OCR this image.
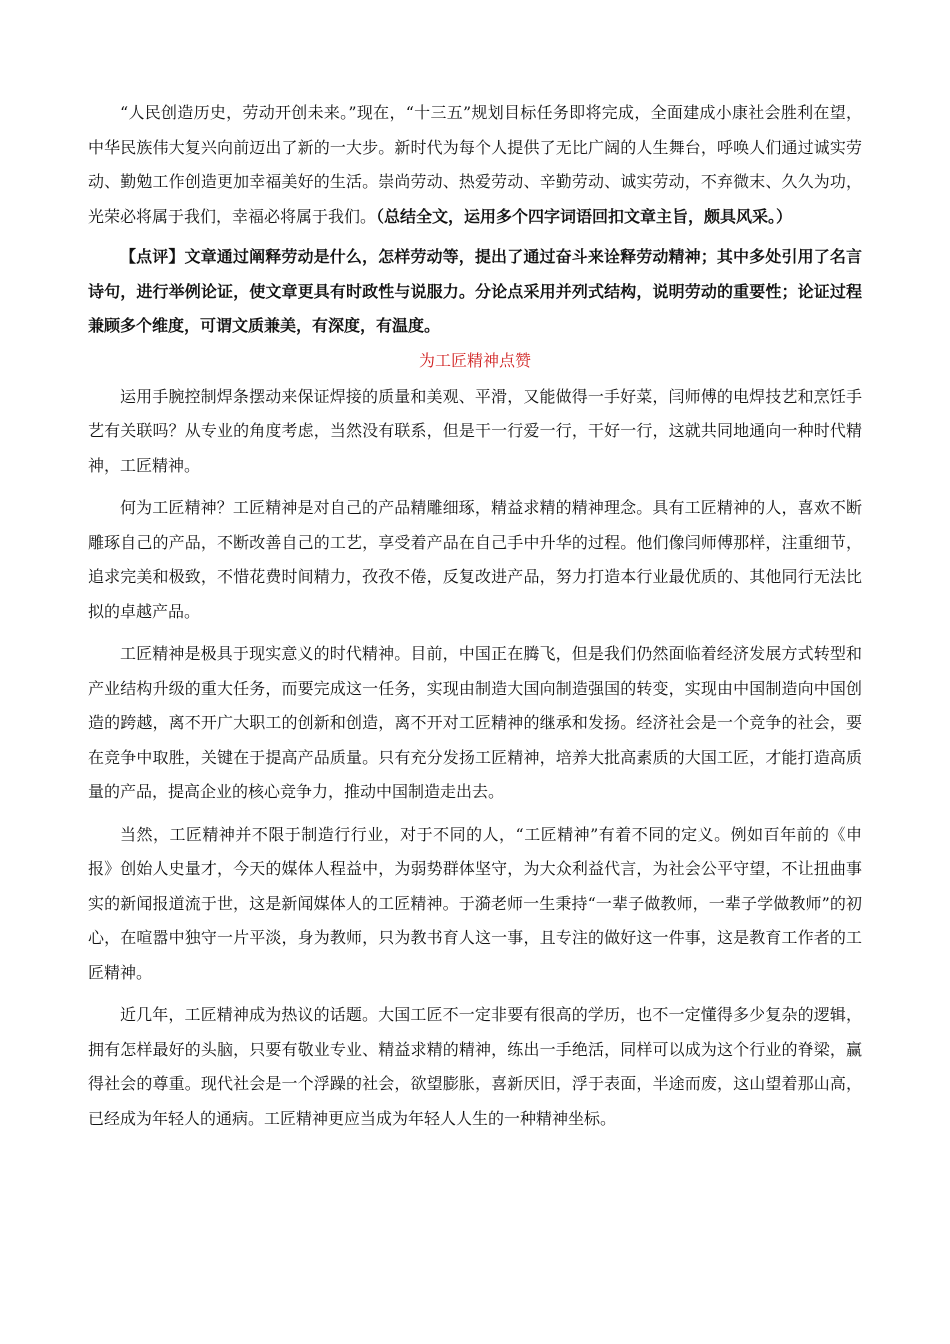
“人民创造历史，劳动开创未来。”现在，“十三五”规划目标任务即将完成，全面建成小康社会胜利在望，中华民族伟大复兴向前迈出了新的一大步。新时代为每个人提供了无比广阔的人生舞台，呼唤人们通过诚实劳动、勤勉工作创造更加幸福美好的生活。崇尚劳动、热爱劳动、辛勤劳动、诚实劳动，不弃微末、久久为功，光荣必将属于我们，幸福必将属于我们。（总结全文，运用多个四字词语回扣文章主旨，颇具风采。）

【点评】文章通过阐释劳动是什么，怎样劳动等，提出了通过奋斗来诠释劳动精神；其中多处引用了名言诗句，进行举例论证，使文章更具有时政性与说服力。分论点采用并列式结构，说明劳动的重要性；论证过程兼顾多个维度，可谓文质兼美，有深度，有温度。

为工匠精神点赞

运用手腕控制焊条摆动来保证焊接的质量和美观、平滑，又能做得一手好菜，闫师傅的电焊技艺和烹饪手艺有关联吗？从专业的角度考虑，当然没有联系，但是干一行爱一行，干好一行，这就共同地通向一种时代精神，工匠精神。

何为工匠精神？工匠精神是对自己的产品精雕细琢，精益求精的精神理念。具有工匠精神的人，喜欢不断雕琢自己的产品，不断改善自己的工艺，享受着产品在自己手中升华的过程。他们像闫师傅那样，注重细节，追求完美和极致，不惜花费时间精力，孜孜不倦，反复改进产品，努力打造本行业最优质的、其他同行无法比拟的卓越产品。

工匠精神是极具于现实意义的时代精神。目前，中国正在腾飞，但是我们仍然面临着经济发展方式转型和产业结构升级的重大任务，而要完成这一任务，实现由制造大国向制造强国的转变，实现由中国制造向中国创造的跨越，离不开广大职工的创新和创造，离不开对工匠精神的继承和发扬。经济社会是一个竞争的社会，要在竞争中取胜，关键在于提高产品质量。只有充分发扬工匠精神，培养大批高素质的大国工匠，才能打造高质量的产品，提高企业的核心竞争力，推动中国制造走出去。

当然，工匠精神并不限于制造行行业，对于不同的人，“工匠精神”有着不同的定义。例如百年前的《申报》创始人史量才，今天的媒体人程益中，为弱势群体坚守，为大众利益代言，为社会公平守望，不让扭曲事实的新闻报道流于世，这是新闻媒体人的工匠精神。于漪老师一生秉持“一辈子做教师，一辈子学做教师”的初心，在喧嚣中独守一片平淡，身为教师，只为教书育人这一事，且专注的做好这一件事，这是教育工作者的工匠精神。

近几年，工匠精神成为热议的话题。大国工匠不一定非要有很高的学历，也不一定懂得多少复杂的逻辑，拥有怎样最好的头脑，只要有敬业专业、精益求精的精神，练出一手绝活，同样可以成为这个行业的脊梁，赢得社会的尊重。现代社会是一个浮躁的社会，欲望膨胀，喜新厌旧，浮于表面，半途而废，这山望着那山高，已经成为年轻人的通病。工匠精神更应当成为年轻人人生的一种精神坐标。
